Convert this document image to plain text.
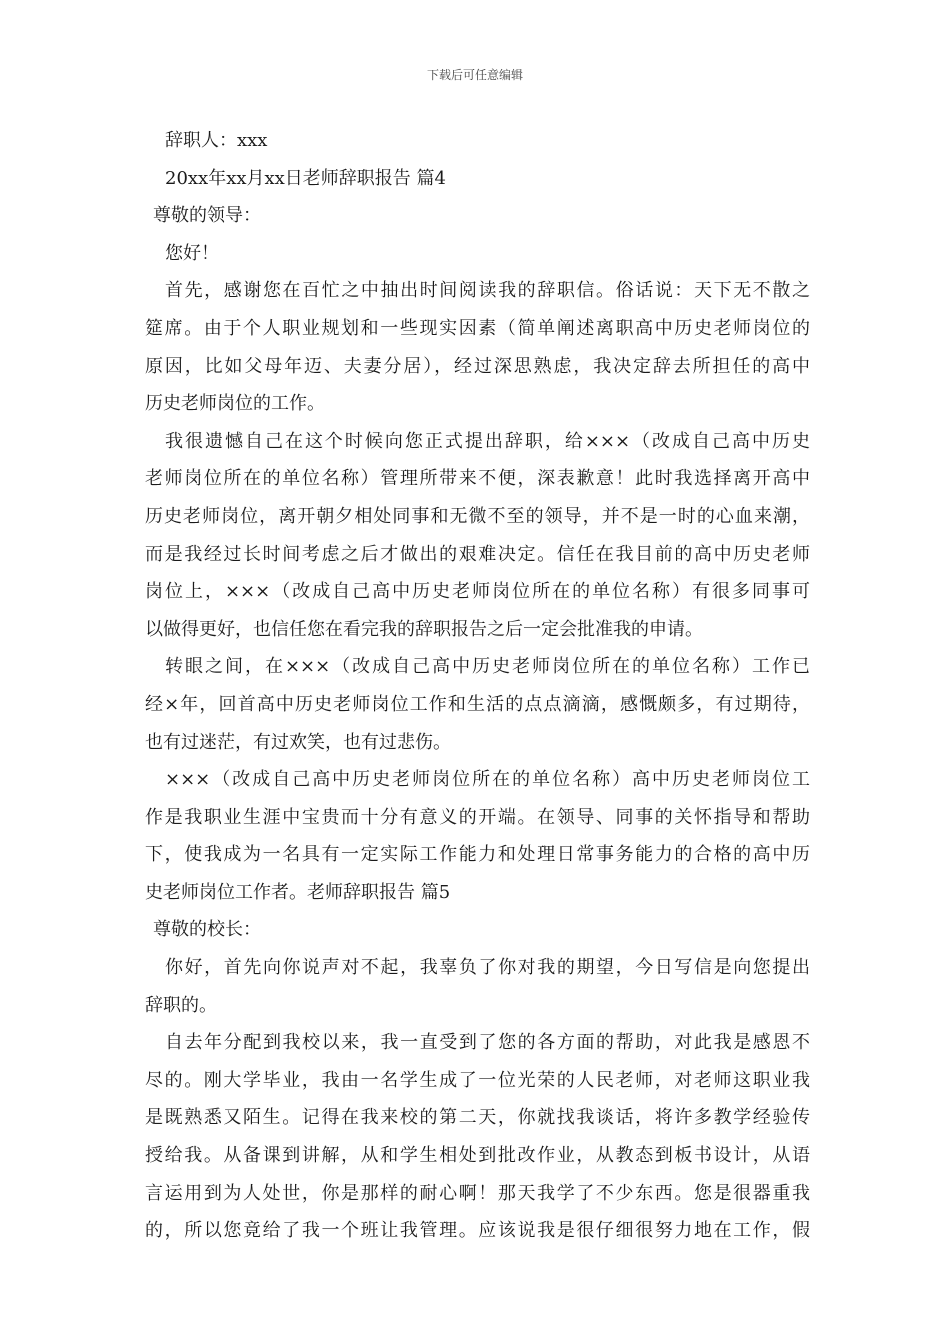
下载后可任意编辑
辞职人：xxx
20xx年xx月xx日老师辞职报告 篇4
尊敬的领导：
您好！
首先，感谢您在百忙之中抽出时间阅读我的辞职信。俗话说：天下无不散之
筵席。由于个人职业规划和一些现实因素（简单阐述离职高中历史老师岗位的
原因，比如父母年迈、夫妻分居），经过深思熟虑，我决定辞去所担任的高中
历史老师岗位的工作。
我很遗憾自己在这个时候向您正式提出辞职，给×××（改成自己高中历史
老师岗位所在的单位名称）管理所带来不便，深表歉意！此时我选择离开高中
历史老师岗位，离开朝夕相处同事和无微不至的领导，并不是一时的心血来潮，
而是我经过长时间考虑之后才做出的艰难决定。信任在我目前的高中历史老师
岗位上，×××（改成自己高中历史老师岗位所在的单位名称）有很多同事可
以做得更好，也信任您在看完我的辞职报告之后一定会批准我的申请。
转眼之间，在×××（改成自己高中历史老师岗位所在的单位名称）工作已
经×年，回首高中历史老师岗位工作和生活的点点滴滴，感慨颇多，有过期待，
也有过迷茫，有过欢笑，也有过悲伤。
×××（改成自己高中历史老师岗位所在的单位名称）高中历史老师岗位工
作是我职业生涯中宝贵而十分有意义的开端。在领导、同事的关怀指导和帮助
下，使我成为一名具有一定实际工作能力和处理日常事务能力的合格的高中历
史老师岗位工作者。老师辞职报告 篇5
尊敬的校长：
你好，首先向你说声对不起，我辜负了你对我的期望，今日写信是向您提出
辞职的。
自去年分配到我校以来，我一直受到了您的各方面的帮助，对此我是感恩不
尽的。刚大学毕业，我由一名学生成了一位光荣的人民老师，对老师这职业我
是既熟悉又陌生。记得在我来校的第二天，你就找我谈话，将许多教学经验传
授给我。从备课到讲解，从和学生相处到批改作业，从教态到板书设计，从语
言运用到为人处世，你是那样的耐心啊！那天我学了不少东西。您是很器重我
的，所以您竟给了我一个班让我管理。应该说我是很仔细很努力地在工作，假
